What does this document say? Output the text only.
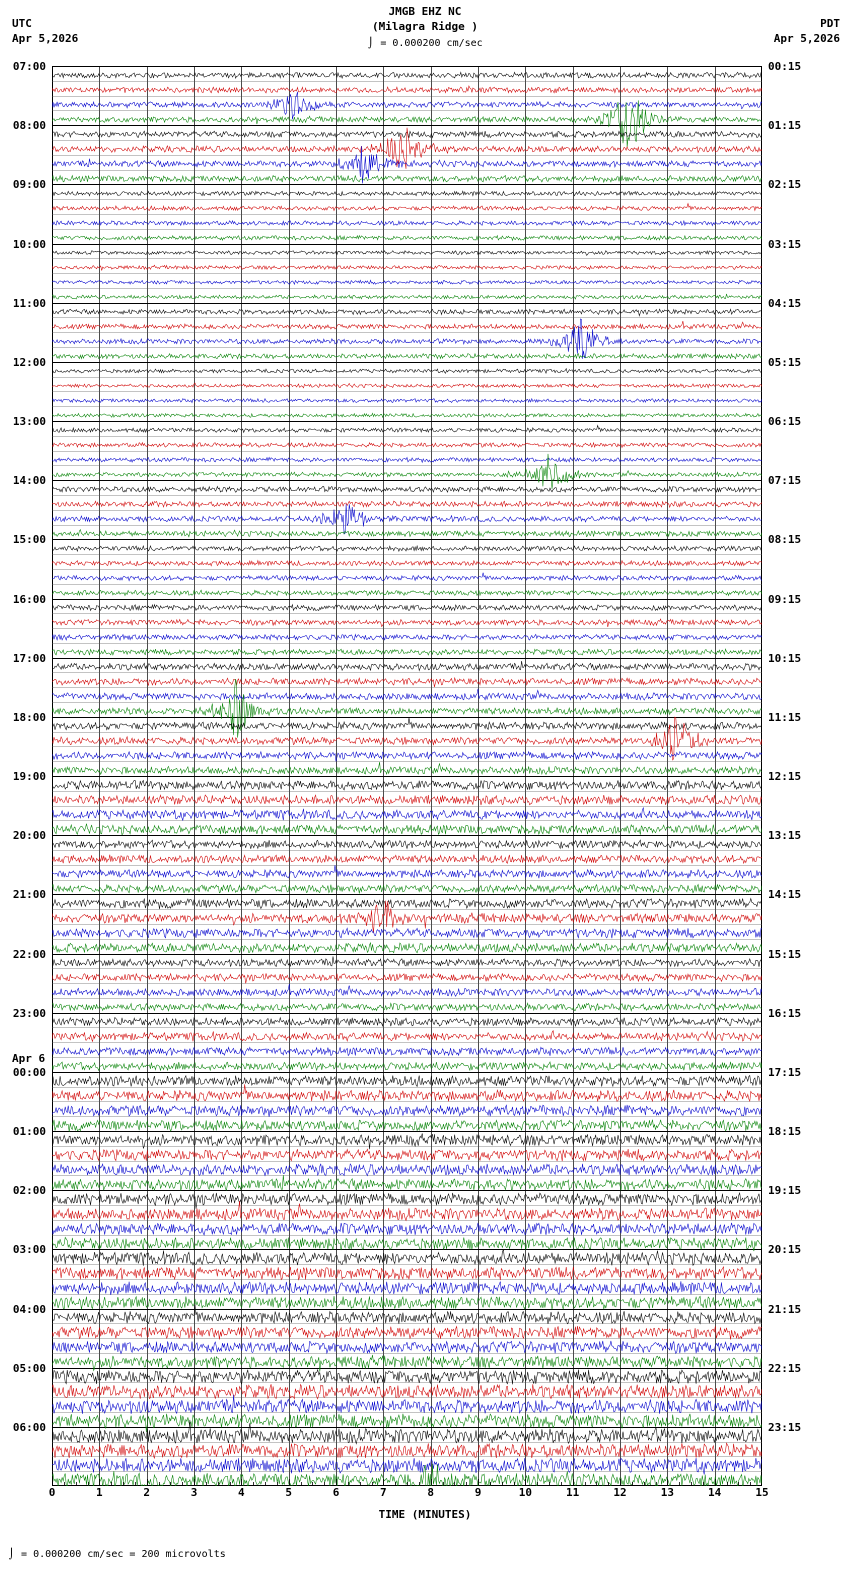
UTC
Apr 5,2026
JMGB EHZ NC
(Milagra Ridge )
⌡ = 0.000200 cm/sec
PDT
Apr 5,2026
07:00	00:15
08:00	01:15
09:00	02:15
10:00	03:15
11:00	04:15
12:00	05:15
13:00	06:15
14:00	07:15
15:00	08:15
16:00	09:15
17:00	10:15
18:00	11:15
19:00	12:15
20:00	13:15
21:00	14:15
22:00	15:15
23:00	16:15
00:00	17:15
01:00	18:15
02:00	19:15
03:00	20:15
04:00	21:15
05:00	22:15
06:00	23:15
Apr 6
0	1	2	3	4	5	6	7	8	9	10	11	12	13	14	15
TIME (MINUTES)
⌡ = 0.000200 cm/sec = 200 microvolts
